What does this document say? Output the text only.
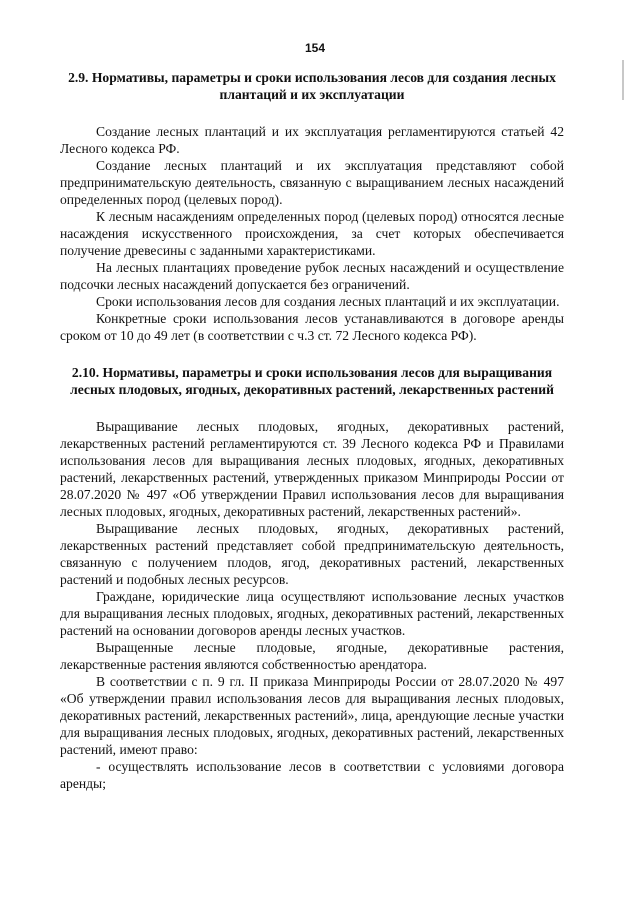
154
2.9. Нормативы, параметры и сроки использования лесов для создания лесных плантаций и их эксплуатации

Создание лесных плантаций и их эксплуатация регламентируются статьей 42 Лесного кодекса РФ.

Создание лесных плантаций и их эксплуатация представляют собой предпринимательскую деятельность, связанную с выращиванием лесных насаждений определенных пород (целевых пород).

К лесным насаждениям определенных пород (целевых пород) относятся лесные насаждения искусственного происхождения, за счет которых обеспечивается получение древесины с заданными характеристиками.

На лесных плантациях проведение рубок лесных насаждений и осуществление подсочки лесных насаждений допускается без ограничений.

Сроки использования лесов для создания лесных плантаций и их эксплуатации.

Конкретные сроки использования лесов устанавливаются в договоре аренды сроком от 10 до 49 лет (в соответствии с ч.3 ст. 72 Лесного кодекса РФ).

2.10. Нормативы, параметры и сроки использования лесов для выращивания лесных плодовых, ягодных, декоративных растений, лекарственных растений

Выращивание лесных плодовых, ягодных, декоративных растений, лекарственных растений регламентируются ст. 39 Лесного кодекса РФ и Правилами использования лесов для выращивания лесных плодовых, ягодных, декоративных растений, лекарственных растений, утвержденных приказом Минприроды России от 28.07.2020 № 497 «Об утверждении Правил использования лесов для выращивания лесных плодовых, ягодных, декоративных растений, лекарственных растений».

Выращивание лесных плодовых, ягодных, декоративных растений, лекарственных растений представляет собой предпринимательскую деятельность, связанную с получением плодов, ягод, декоративных растений, лекарственных растений и подобных лесных ресурсов.

Граждане, юридические лица осуществляют использование лесных участков для выращивания лесных плодовых, ягодных, декоративных растений, лекарственных растений на основании договоров аренды лесных участков.

Выращенные лесные плодовые, ягодные, декоративные растения, лекарственные растения являются собственностью арендатора.

В соответствии с п. 9 гл. II приказа Минприроды России от 28.07.2020 № 497 «Об утверждении правил использования лесов для выращивания лесных плодовых, декоративных растений, лекарственных растений», лица, арендующие лесные участки для выращивания лесных плодовых, ягодных, декоративных растений, лекарственных растений, имеют право:

- осуществлять использование лесов в соответствии с условиями договора аренды;
